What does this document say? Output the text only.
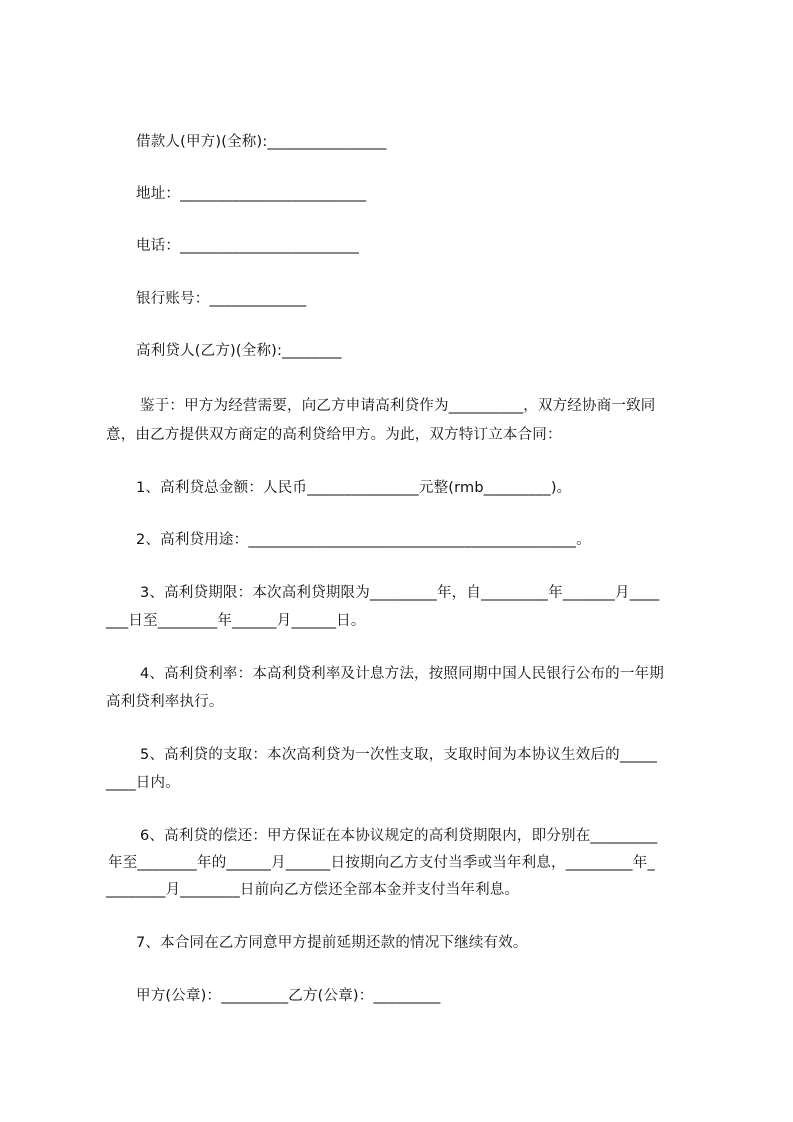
借款人(甲方)(全称):________________
地址：_________________________
电话：________________________
银行账号：_____________
高利贷人(乙方)(全称):________
鉴于：甲方为经营需要，向乙方申请高利贷作为__________，双方经协商一致同
意，由乙方提供双方商定的高利贷给甲方。为此，双方特订立本合同：
1、高利贷总金额：人民币_______________元整(rmb_________)。
2、高利贷用途：____________________________________________。
3、高利贷期限：本次高利贷期限为_________年，自_________年_______月____
___日至________年______月______日。
4、高利贷利率：本高利贷利率及计息方法，按照同期中国人民银行公布的一年期
高利贷利率执行。
5、高利贷的支取：本次高利贷为一次性支取，支取时间为本协议生效后的_____
____日内。
6、高利贷的偿还：甲方保证在本协议规定的高利贷期限内，即分别在_________
年至________年的______月______日按期向乙方支付当季或当年利息，_________年_
________月________日前向乙方偿还全部本金并支付当年利息。
7、本合同在乙方同意甲方提前延期还款的情况下继续有效。
甲方(公章)：_________乙方(公章)：_________
